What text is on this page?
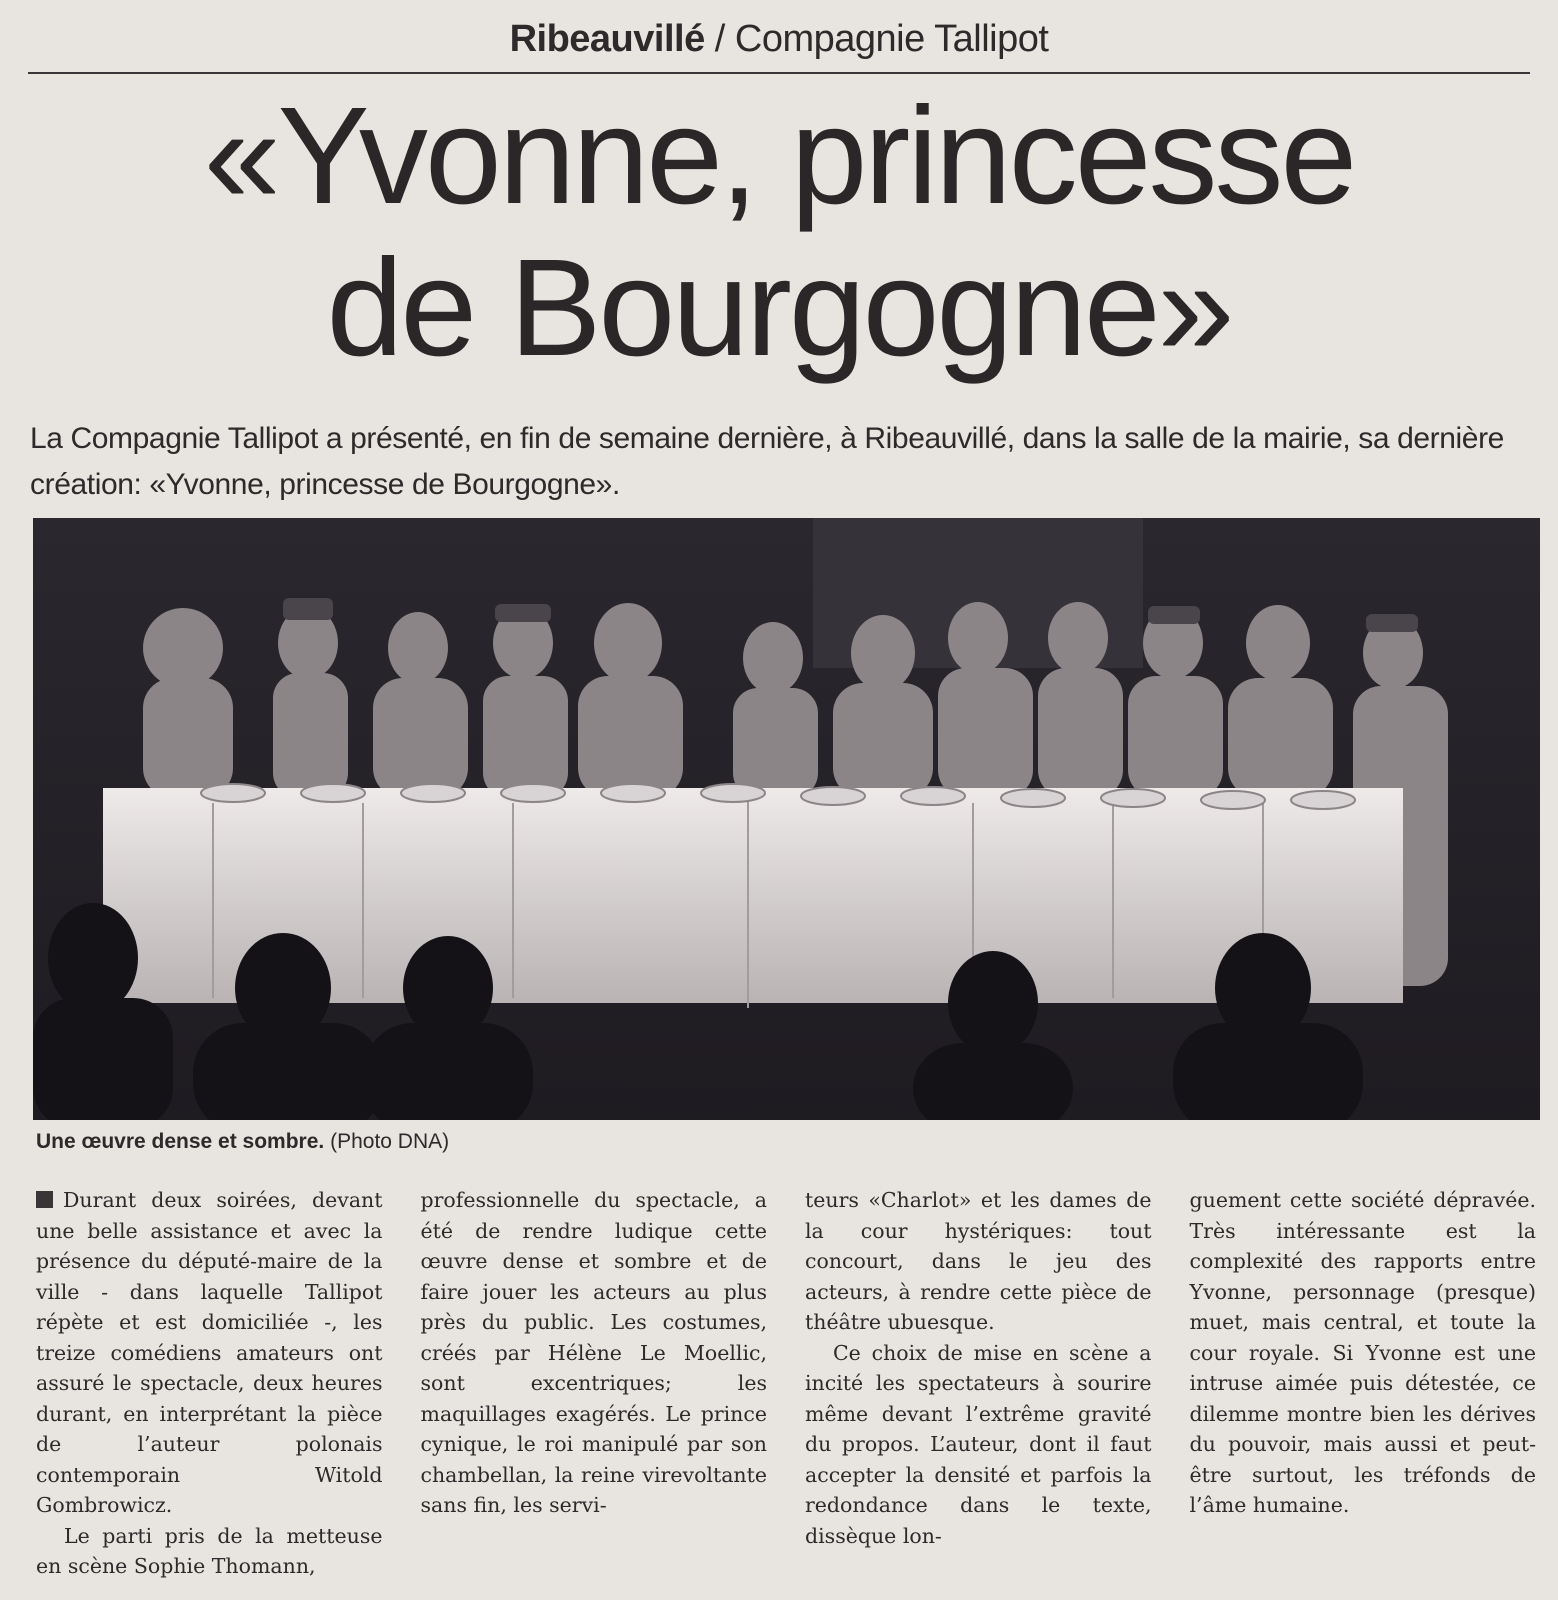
Ribeauvillé / Compagnie Tallipot
«Yvonne, princesse
de Bourgogne»
La Compagnie Tallipot a présenté, en fin de semaine dernière, à Ribeauvillé, dans la salle de la mairie, sa dernière création: «Yvonne, princesse de Bourgogne».
Une œuvre dense et sombre. (Photo DNA)

Durant deux soirées, devant une belle assistance et avec la présence du député-maire de la ville - dans laquelle Tallipot répète et est domiciliée -, les treize comédiens amateurs ont assuré le spectacle, deux heures durant, en interprétant la pièce de l’auteur polonais contemporain Witold Gombrowicz.

Le parti pris de la metteuse en scène Sophie Thomann,

professionnelle du spectacle, a été de rendre ludique cette œuvre dense et sombre et de faire jouer les acteurs au plus près du public. Les costumes, créés par Hélène Le Moellic, sont excentriques; les maquillages exagérés. Le prince cynique, le roi manipulé par son chambellan, la reine virevoltante sans fin, les servi-

teurs «Charlot» et les dames de la cour hystériques: tout concourt, dans le jeu des acteurs, à rendre cette pièce de théâtre ubuesque.

Ce choix de mise en scène a incité les spectateurs à sourire même devant l’extrême gravité du propos. L’auteur, dont il faut accepter la densité et parfois la redondance dans le texte, dissèque lon-

guement cette société dépravée. Très intéressante est la complexité des rapports entre Yvonne, personnage (presque) muet, mais central, et toute la cour royale. Si Yvonne est une intruse aimée puis détestée, ce dilemme montre bien les dérives du pouvoir, mais aussi et peut-être surtout, les tréfonds de l’âme humaine.
